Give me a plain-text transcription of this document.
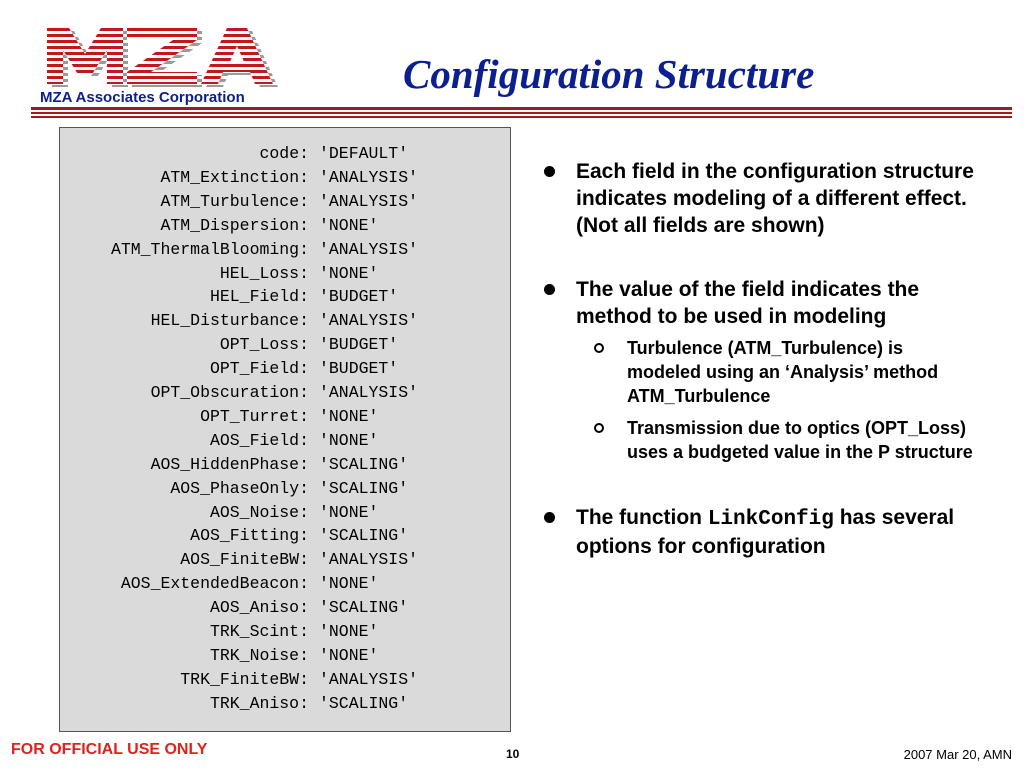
MZA Associates Corporation
Configuration Structure
code: 'DEFAULT'
ATM_Extinction: 'ANALYSIS'
ATM_Turbulence: 'ANALYSIS'
ATM_Dispersion: 'NONE'
ATM_ThermalBlooming: 'ANALYSIS'
HEL_Loss: 'NONE'
HEL_Field: 'BUDGET'
HEL_Disturbance: 'ANALYSIS'
OPT_Loss: 'BUDGET'
OPT_Field: 'BUDGET'
OPT_Obscuration: 'ANALYSIS'
OPT_Turret: 'NONE'
AOS_Field: 'NONE'
AOS_HiddenPhase: 'SCALING'
AOS_PhaseOnly: 'SCALING'
AOS_Noise: 'NONE'
AOS_Fitting: 'SCALING'
AOS_FiniteBW: 'ANALYSIS'
AOS_ExtendedBeacon: 'NONE'
AOS_Aniso: 'SCALING'
TRK_Scint: 'NONE'
TRK_Noise: 'NONE'
TRK_FiniteBW: 'ANALYSIS'
TRK_Aniso: 'SCALING'
Each field in the configuration structure indicates modeling of a different effect. (Not all fields are shown)
The value of the field indicates the method to be used in modeling
Turbulence (ATM_Turbulence) is modeled using an ‘Analysis’ method ATM_Turbulence
Transmission due to optics (OPT_Loss) uses a budgeted value in the P structure
The function LinkConfig has several options for configuration
FOR OFFICIAL USE ONLY	10	2007 Mar 20, AMN
